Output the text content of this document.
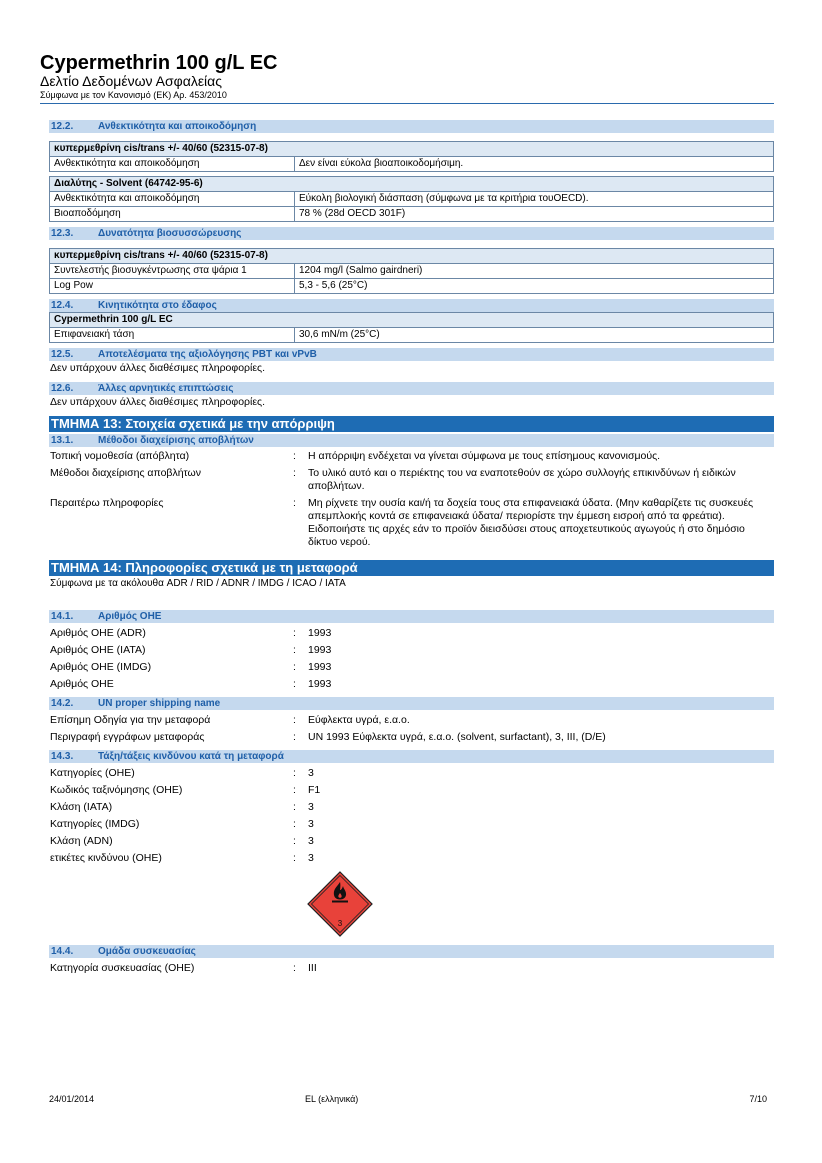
Cypermethrin 100 g/L EC
Δελτίο Δεδομένων Ασφαλείας
Σύμφωνα με τον Κανονισμό (ΕΚ) Αρ. 453/2010
12.2.	Ανθεκτικότητα και αποικοδόμηση
κυπερμεθρίνη cis/trans +/- 40/60 (52315-07-8)
Ανθεκτικότητα και αποικοδόμηση	Δεν είναι εύκολα βιοαποικοδομήσιμη.
Διαλύτης - Solvent (64742-95-6)	
Ανθεκτικότητα και αποικοδόμηση	Εύκολη βιολογική διάσπαση (σύμφωνα με τα κριτήρια τουOECD).
Βιοαποδόμηση	78 % (28d OECD 301F)
12.3.	Δυνατότητα βιοσυσσώρευσης
κυπερμεθρίνη cis/trans +/- 40/60 (52315-07-8)	
Συντελεστής βιοσυγκέντρωσης στα ψάρια 1	1204 mg/l (Salmo gairdneri)
Log Pow	5,3 - 5,6 (25°C)
12.4.	Κινητικότητα στο έδαφος
Cypermethrin 100 g/L EC
Επιφανειακή τάση	30,6 mN/m (25°C)
12.5.	Αποτελέσματα της αξιολόγησης PBT και vPvB
Δεν υπάρχουν άλλες διαθέσιμες πληροφορίες.
12.6.	Άλλες αρνητικές επιπτώσεις
Δεν υπάρχουν άλλες διαθέσιμες πληροφορίες.
ΤΜΗΜΑ 13: Στοιχεία σχετικά με την απόρριψη
13.1.	Μέθοδοι διαχείρισης αποβλήτων
Τοπική νομοθεσία (απόβλητα)	:	Η απόρριψη ενδέχεται να γίνεται σύμφωνα με τους επίσημους κανονισμούς.
Μέθοδοι διαχείρισης αποβλήτων	:	Το υλικό αυτό και ο περιέκτης του να εναποτεθούν σε χώρο συλλογής επικινδύνων ή ειδικών αποβλήτων.
Περαιτέρω πληροφορίες	:	Μη ρίχνετε την ουσία και/ή τα δοχεία τους στα επιφανειακά ύδατα. (Μην καθαρίζετε τις συσκευές απεμπλοκής κοντά σε επιφανειακά ύδατα/ περιορίστε την έμμεση εισροή από τα φρεάτια). Ειδοποιήστε τις αρχές εάν το προϊόν διεισδύσει στους αποχετευτικούς αγωγούς ή στο δημόσιο δίκτυο νερού.
ΤΜΗΜΑ 14: Πληροφορίες σχετικά με τη μεταφορά
Σύμφωνα με τα ακόλουθα ADR / RID / ADNR / IMDG / ICAO / IATA
14.1.	Αριθμός ΟΗΕ
Αριθμός ΟΗΕ (ADR)	:	1993
Αριθμός ΟΗΕ (IATA)	:	1993
Αριθμός ΟΗΕ (IMDG)	:	1993
Αριθμός ΟΗΕ	:	1993
14.2.	UN proper shipping name
Επίσημη Οδηγία για την μεταφορά	:	Εύφλεκτα υγρά, ε.α.ο.
Περιγραφή εγγράφων μεταφοράς	:	UN 1993 Εύφλεκτα υγρά, ε.α.ο. (solvent, surfactant), 3, III, (D/E)
14.3.	Τάξη/τάξεις κινδύνου κατά τη μεταφορά
Κατηγορίες (ΟΗΕ)	:	3
Κωδικός ταξινόμησης (ΟΗΕ)	:	F1
Κλάση (IATA)	:	3
Κατηγορίες (IMDG)	:	3
Κλάση (ADN)	:	3
ετικέτες κινδύνου (ΟΗΕ)	:	3
3
14.4.	Ομάδα συσκευασίας
Κατηγορία συσκευασίας (ΟΗΕ)	:	III
24/01/2014	EL (ελληνικά)	7/10
